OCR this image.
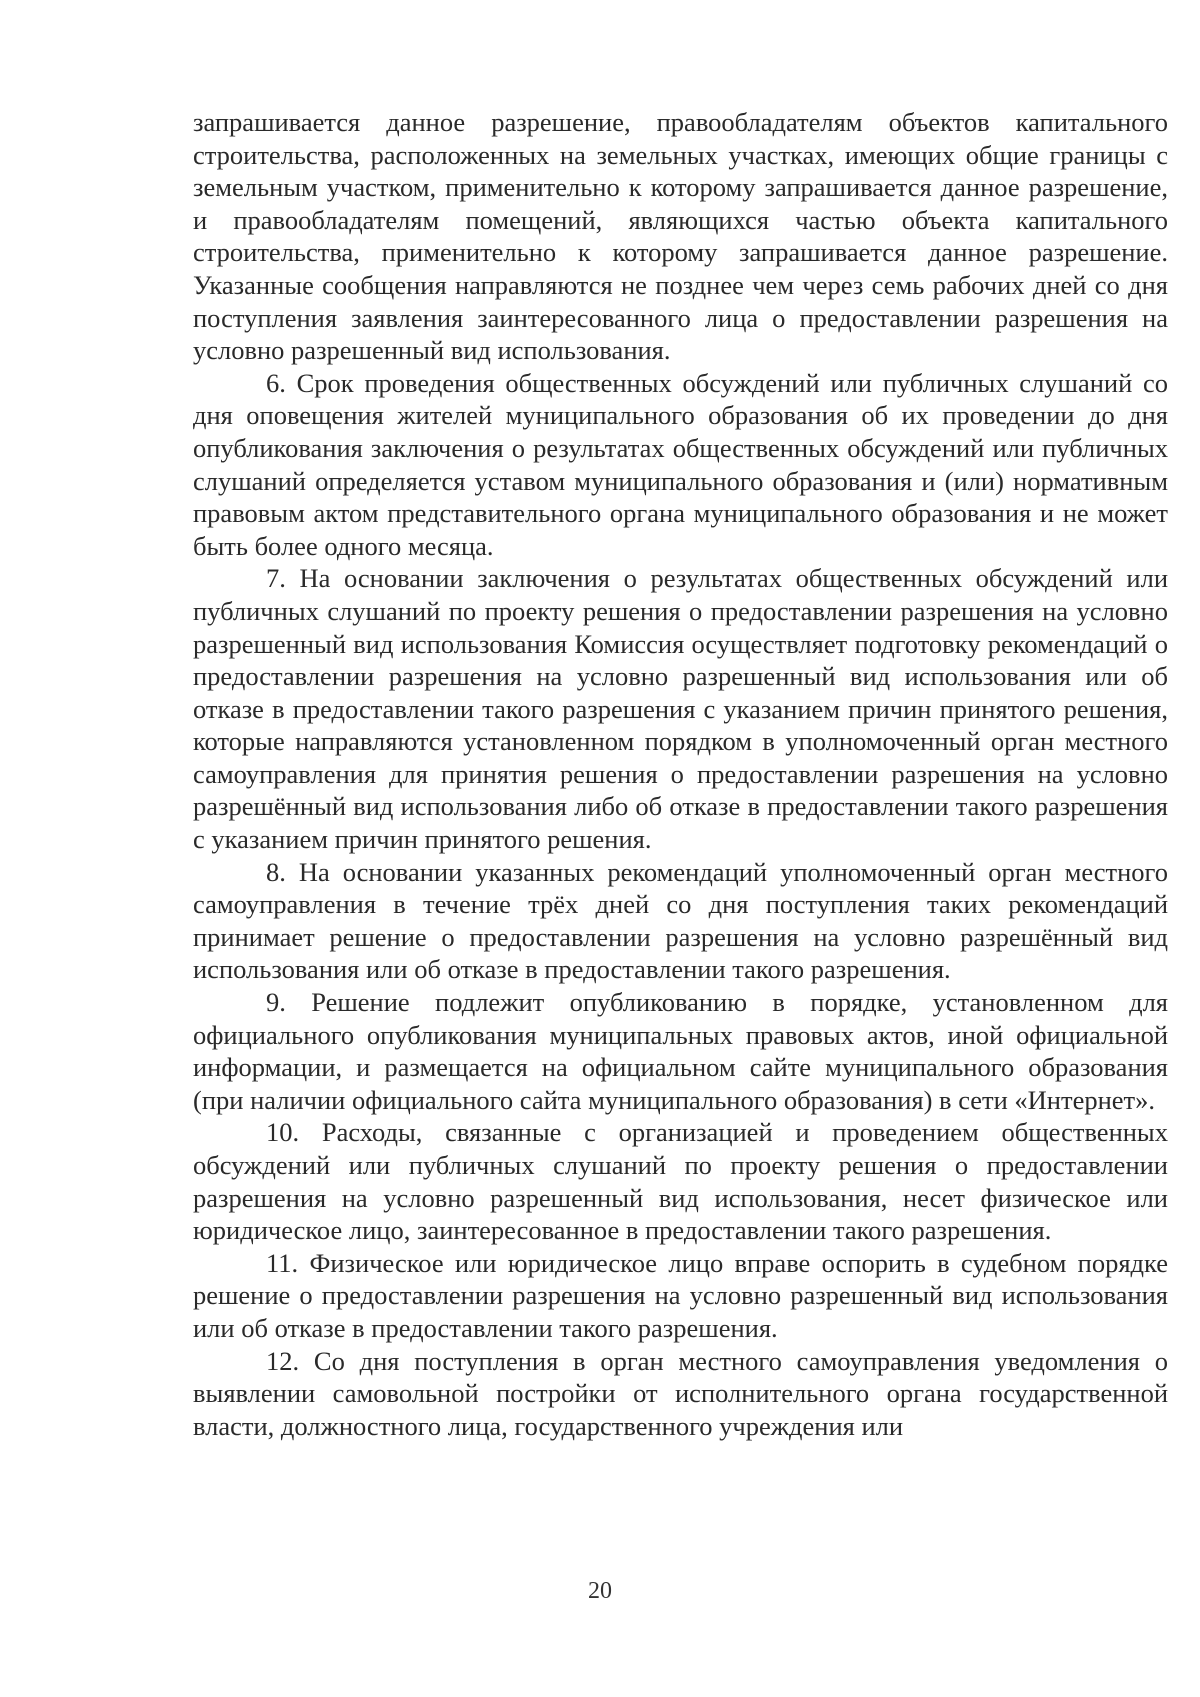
запрашивается данное разрешение, правообладателям объектов капитального строительства, расположенных на земельных участках, имеющих общие границы с земельным участком, применительно к которому запрашивается данное разрешение, и правообладателям помещений, являющихся частью объекта капитального строительства, применительно к которому запрашивается данное разрешение. Указанные сообщения направляются не позднее чем через семь рабочих дней со дня поступления заявления заинтересованного лица о предоставлении разрешения на условно разрешенный вид использования.

6. Срок проведения общественных обсуждений или публичных слушаний со дня оповещения жителей муниципального образования об их проведении до дня опубликования заключения о результатах общественных обсуждений или публичных слушаний определяется уставом муниципального образования и (или) нормативным правовым актом представительного органа муниципального образования и не может быть более одного месяца.

7. На основании заключения о результатах общественных обсуждений или публичных слушаний по проекту решения о предоставлении разрешения на условно разрешенный вид использования Комиссия осуществляет подготовку рекомендаций о предоставлении разрешения на условно разрешенный вид использования или об отказе в предоставлении такого разрешения с указанием причин принятого решения, которые направляются установленном порядком в уполномоченный орган местного самоуправления для принятия решения о предоставлении разрешения на условно разрешённый вид использования либо об отказе в предоставлении такого разрешения с указанием причин принятого решения.

8. На основании указанных рекомендаций уполномоченный орган местного самоуправления в течение трёх дней со дня поступления таких рекомендаций принимает решение о предоставлении разрешения на условно разрешённый вид использования или об отказе в предоставлении такого разрешения.

9. Решение подлежит опубликованию в порядке, установленном для официального опубликования муниципальных правовых актов, иной официальной информации, и размещается на официальном сайте муниципального образования (при наличии официального сайта муниципального образования) в сети «Интернет».

10. Расходы, связанные с организацией и проведением общественных обсуждений или публичных слушаний по проекту решения о предоставлении разрешения на условно разрешенный вид использования, несет физическое или юридическое лицо, заинтересованное в предоставлении такого разрешения.

11. Физическое или юридическое лицо вправе оспорить в судебном порядке решение о предоставлении разрешения на условно разрешенный вид использования или об отказе в предоставлении такого разрешения.

12. Со дня поступления в орган местного самоуправления уведомления о выявлении самовольной постройки от исполнительного органа государственной власти, должностного лица, государственного учреждения или

20
